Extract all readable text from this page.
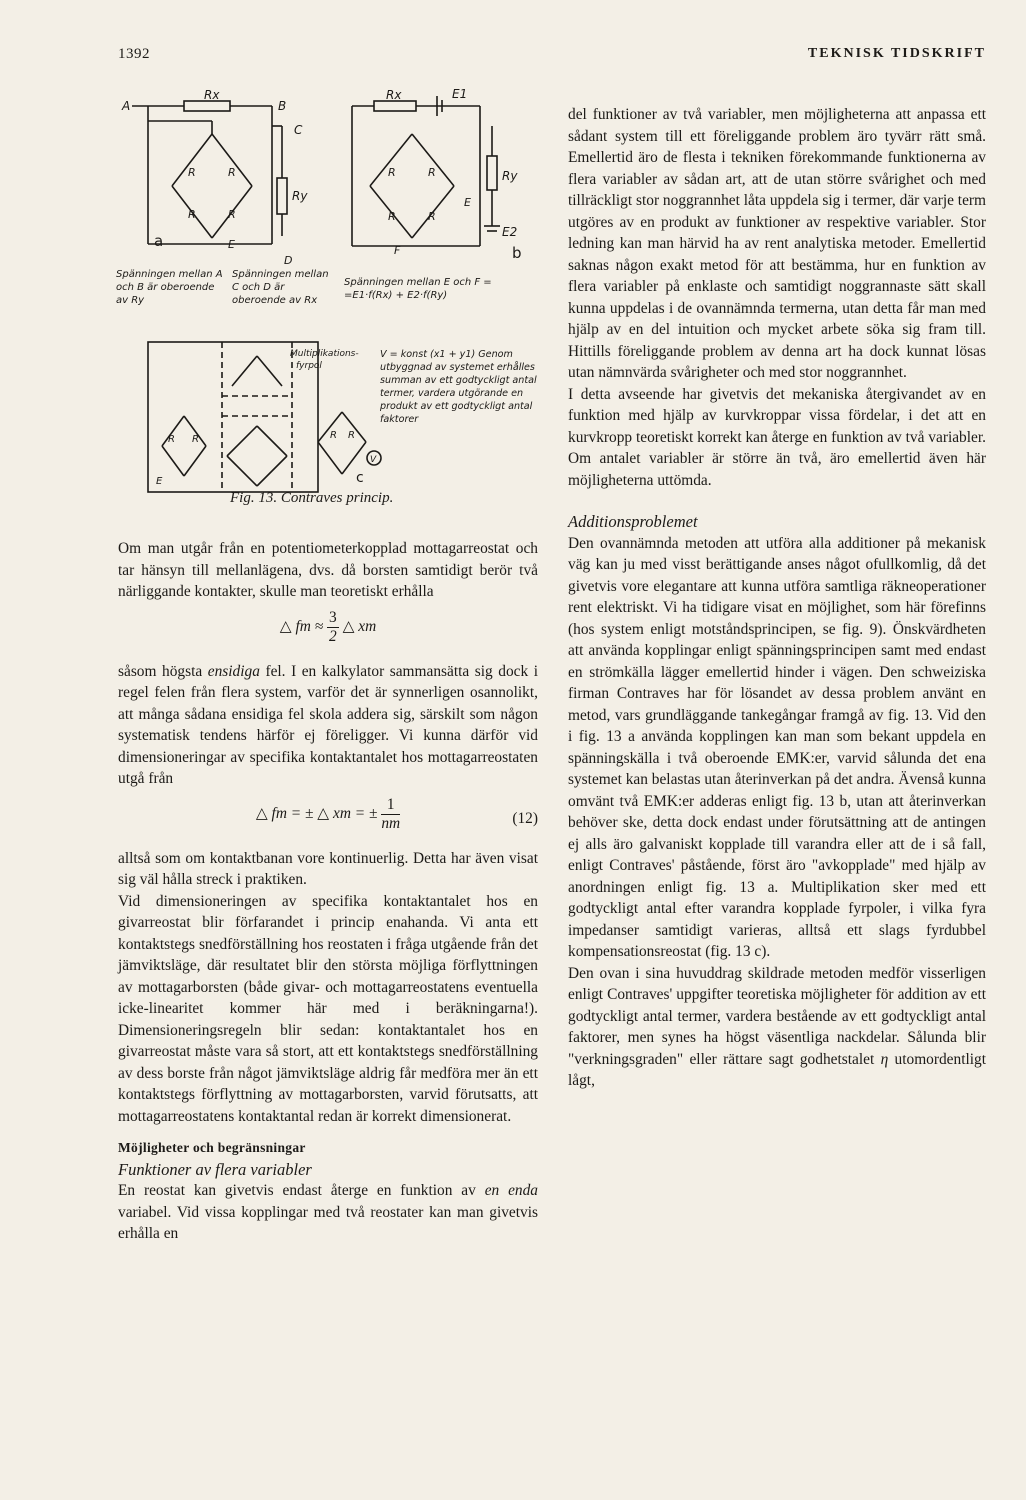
1392	TEKNISK TIDSKRIFT
A
Rx
B
C
Ry
D
E
R	R
R	R
a
Rx	E1
Ry
E2
b
E
F
R	R
R	R
Multiplikations-
fyrpol
R R
E
R R
V
c
Spänningen mellan A och B är oberoende av Ry
Spänningen mellan C och D är oberoende av Rx
Spänningen mellan E och F = =E1·f(Rx) + E2·f(Ry)
V = konst (x1 + y1) Genom utbyggnad av systemet erhålles summan av ett godtyckligt antal termer, vardera utgörande en produkt av ett godtyckligt antal faktorer
Fig. 13. Contraves princip.

Om man utgår från en potentiometerkopplad mottagarreostat och tar hänsyn till mellanlägena, dvs. då borsten samtidigt berör två närliggande kontakter, skulle man teoretiskt erhålla

△ fm ≈ $\frac{3}{2}$ △ xm

såsom högsta ensidiga fel. I en kalkylator sammansätta sig dock i regel felen från flera system, varför det är synnerligen osannolikt, att många sådana ensidiga fel skola addera sig, särskilt som någon systematisk tendens härför ej föreligger. Vi kunna därför vid dimensioneringar av specifika kontaktantalet hos mottagarreostaten utgå från

△ fm = ± △ xm = ± $\frac{1}{nm}$	(12)

alltså som om kontaktbanan vore kontinuerlig. Detta har även visat sig väl hålla streck i praktiken.

Vid dimensioneringen av specifika kontaktantalet hos en givarreostat blir förfarandet i princip enahanda. Vi anta ett kontaktstegs snedförställning hos reostaten i fråga utgående från det jämviktsläge, där resultatet blir den största möjliga förflyttningen av mottagarborsten (både givar- och mottagarreostatens eventuella icke-linearitet kommer här med i beräkningarna!). Dimensioneringsregeln blir sedan: kontaktantalet hos en givarreostat måste vara så stort, att ett kontaktstegs snedförställning av dess borste från något jämviktsläge aldrig får medföra mer än ett kontaktstegs förflyttning av mottagarborsten, varvid förutsatts, att mottagarreostatens kontaktantal redan är korrekt dimensionerat.

Möjligheter och begränsningar

Funktioner av flera variabler

En reostat kan givetvis endast återge en funktion av en enda variabel. Vid vissa kopplingar med två reostater kan man givetvis erhålla en

del funktioner av två variabler, men möjligheterna att anpassa ett sådant system till ett föreliggande problem äro tyvärr rätt små. Emellertid äro de flesta i tekniken förekommande funktionerna av flera variabler av sådan art, att de utan större svårighet och med tillräckligt stor noggrannhet låta uppdela sig i termer, där varje term utgöres av en produkt av funktioner av respektive variabler. Stor ledning kan man härvid ha av rent analytiska metoder. Emellertid saknas någon exakt metod för att bestämma, hur en funktion av flera variabler på enklaste och samtidigt noggrannaste sätt skall kunna uppdelas i de ovannämnda termerna, utan detta får man med hjälp av en del intuition och mycket arbete söka sig fram till. Hittills föreliggande problem av denna art ha dock kunnat lösas utan nämnvärda svårigheter och med stor noggrannhet.

I detta avseende har givetvis det mekaniska återgivandet av en funktion med hjälp av kurvkroppar vissa fördelar, i det att en kurvkropp teoretiskt korrekt kan återge en funktion av två variabler. Om antalet variabler är större än två, äro emellertid även här möjligheterna uttömda.

Additionsproblemet

Den ovannämnda metoden att utföra alla additioner på mekanisk väg kan ju med visst berättigande anses något ofullkomlig, då det givetvis vore elegantare att kunna utföra samtliga räkneoperationer rent elektriskt. Vi ha tidigare visat en möjlighet, som här förefinns (hos system enligt motståndsprincipen, se fig. 9). Önskvärdheten att använda kopplingar enligt spänningsprincipen samt med endast en strömkälla lägger emellertid hinder i vägen. Den schweiziska firman Contraves har för lösandet av dessa problem använt en metod, vars grundläggande tankegångar framgå av fig. 13. Vid den i fig. 13 a använda kopplingen kan man som bekant uppdela en spänningskälla i två oberoende EMK:er, varvid sålunda det ena systemet kan belastas utan återinverkan på det andra. Ävenså kunna omvänt två EMK:er adderas enligt fig. 13 b, utan att återinverkan behöver ske, detta dock endast under förutsättning att de antingen ej alls äro galvaniskt kopplade till varandra eller att de i så fall, enligt Contraves' påstående, först äro "avkopplade" med hjälp av anordningen enligt fig. 13 a. Multiplikation sker med ett godtyckligt antal efter varandra kopplade fyrpoler, i vilka fyra impedanser samtidigt varieras, alltså ett slags fyrdubbel kompensationsreostat (fig. 13 c).

Den ovan i sina huvuddrag skildrade metoden medför visserligen enligt Contraves' uppgifter teoretiska möjligheter för addition av ett godtyckligt antal termer, vardera bestående av ett godtyckligt antal faktorer, men synes ha högst väsentliga nackdelar. Sålunda blir "verkningsgraden" eller rättare sagt godhetstalet η utomordentligt lågt,
